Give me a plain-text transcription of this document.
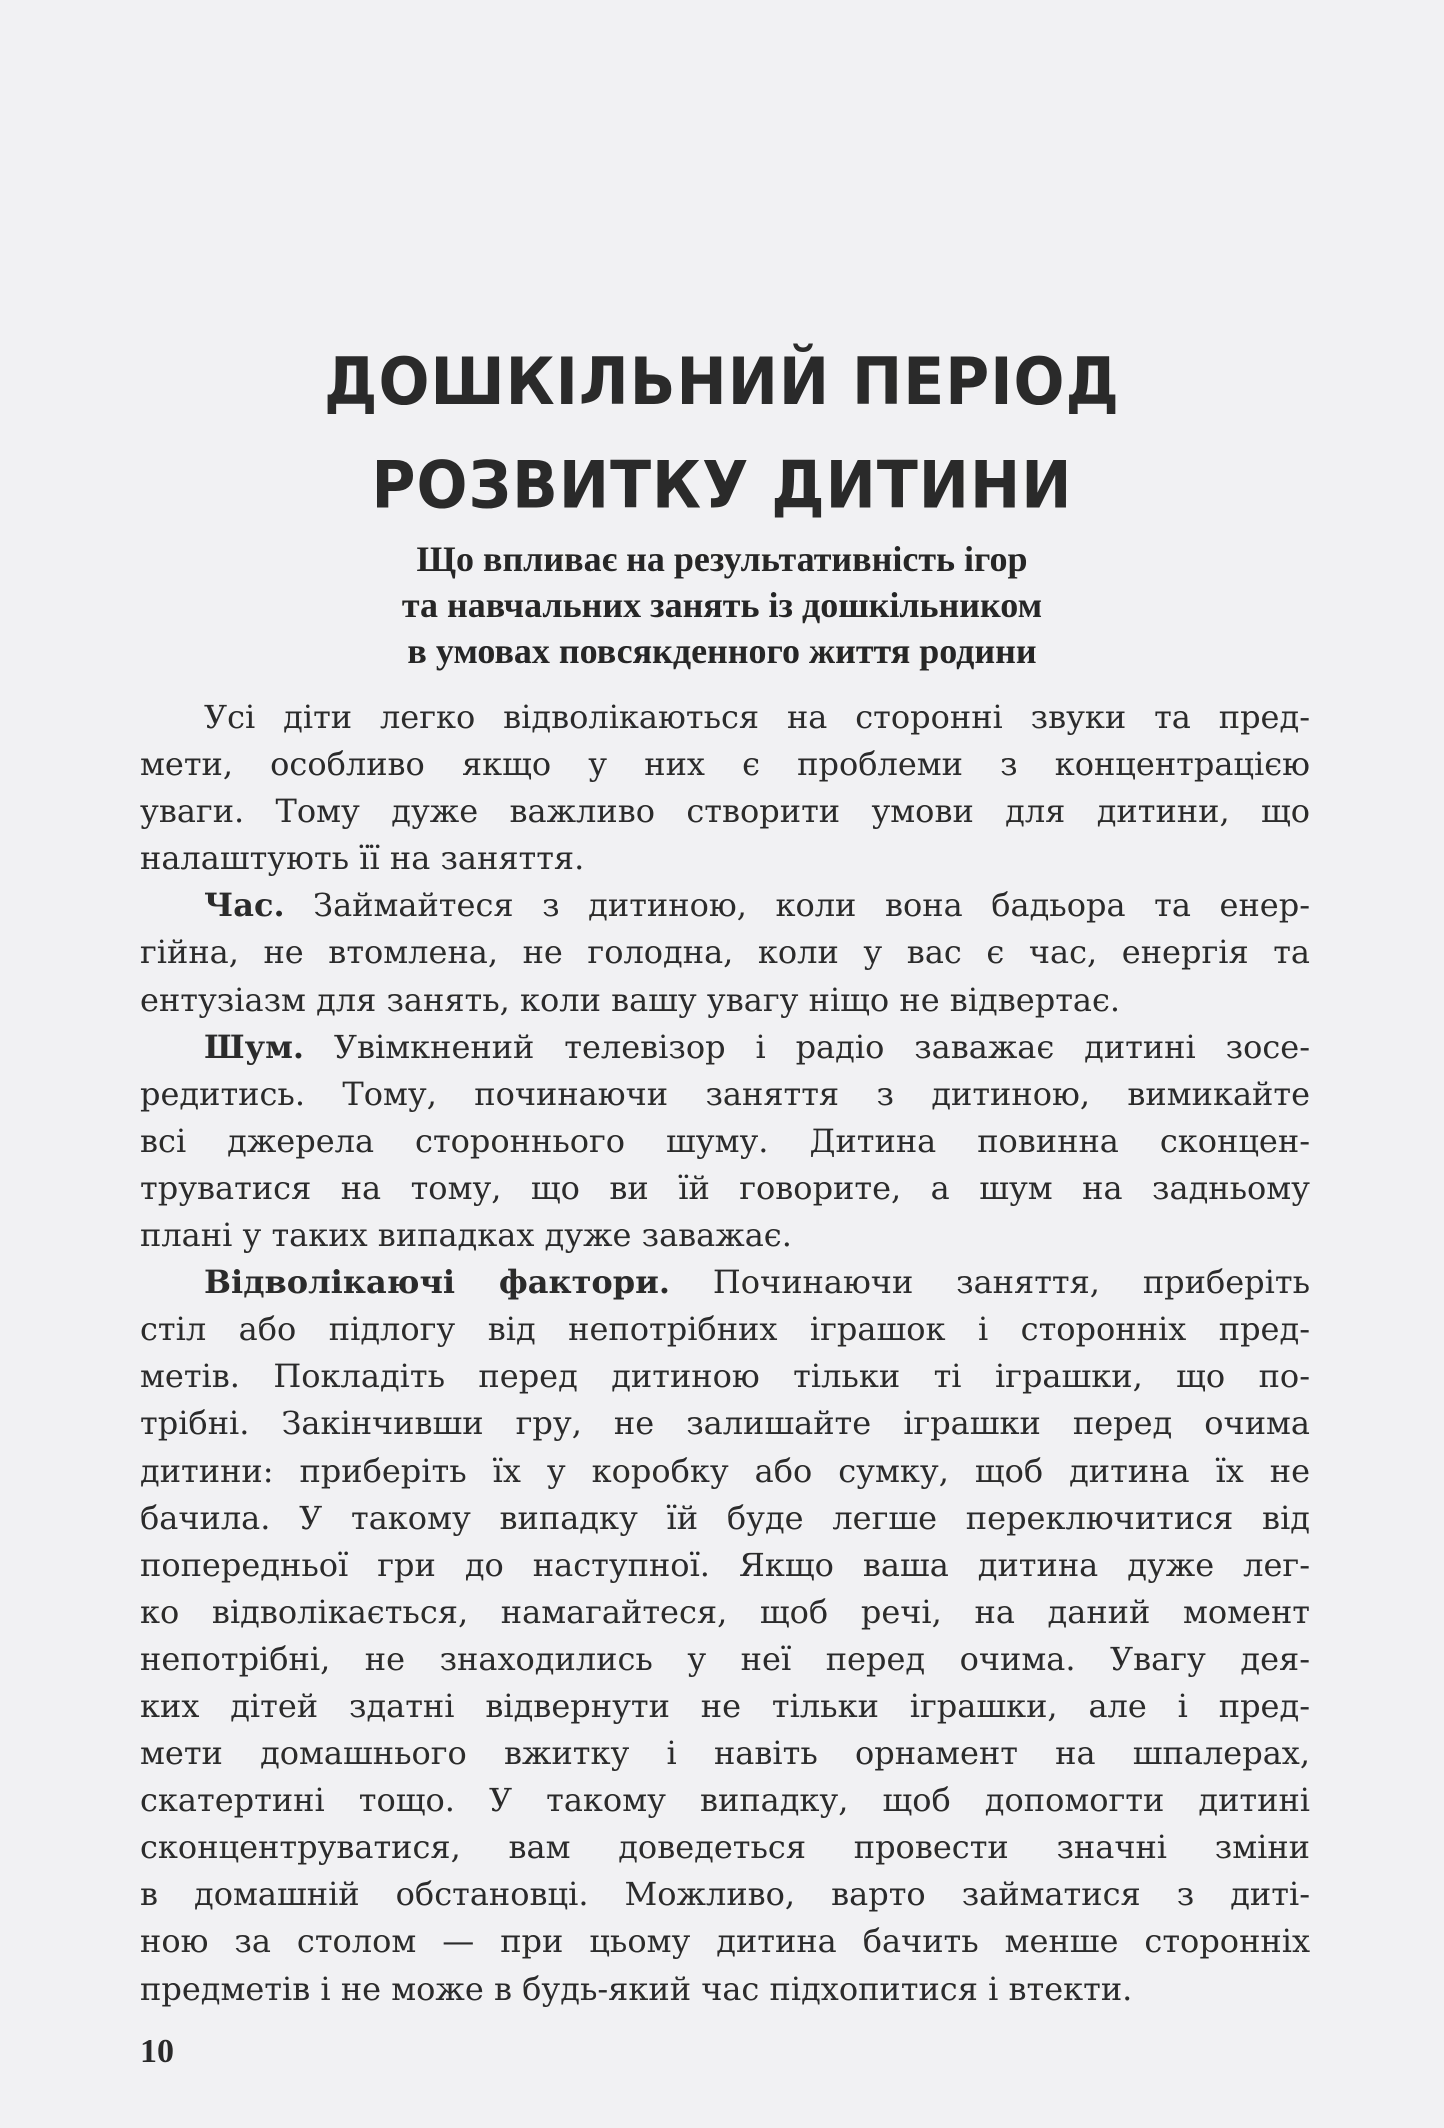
ДОШКІЛЬНИЙ ПЕРІОД
РОЗВИТКУ ДИТИНИ
Що впливає на результативність ігор
та навчальних занять із дошкільником
в умовах повсякденного життя родини
Усі діти легко відволікаються на сторонні звуки та пред-
мети, особливо якщо у них є проблеми з концентрацією
уваги. Тому дуже важливо створити умови для дитини, що
налаштують її на заняття.
Час. Займайтеся з дитиною, коли вона бадьора та енер-
гійна, не втомлена, не голодна, коли у вас є час, енергія та
ентузіазм для занять, коли вашу увагу ніщо не відвертає.
Шум. Увімкнений телевізор і радіо заважає дитині зосе-
редитись. Тому, починаючи заняття з дитиною, вимикайте
всі джерела стороннього шуму. Дитина повинна сконцен-
труватися на тому, що ви їй говорите, а шум на задньому
плані у таких випадках дуже заважає.
Відволікаючі фактори. Починаючи заняття, приберіть
стіл або підлогу від непотрібних іграшок і сторонніх пред-
метів. Покладіть перед дитиною тільки ті іграшки, що по-
трібні. Закінчивши гру, не залишайте іграшки перед очима
дитини: приберіть їх у коробку або сумку, щоб дитина їх не
бачила. У такому випадку їй буде легше переключитися від
попередньої гри до наступної. Якщо ваша дитина дуже лег-
ко відволікається, намагайтеся, щоб речі, на даний момент
непотрібні, не знаходились у неї перед очима. Увагу дея-
ких дітей здатні відвернути не тільки іграшки, але і пред-
мети домашнього вжитку і навіть орнамент на шпалерах,
скатертині тощо. У такому випадку, щоб допомогти дитині
сконцентруватися, вам доведеться провести значні зміни
в домашній обстановці. Можливо, варто займатися з диті-
ною за столом — при цьому дитина бачить менше сторонніх
предметів і не може в будь-який час підхопитися і втекти.
10
